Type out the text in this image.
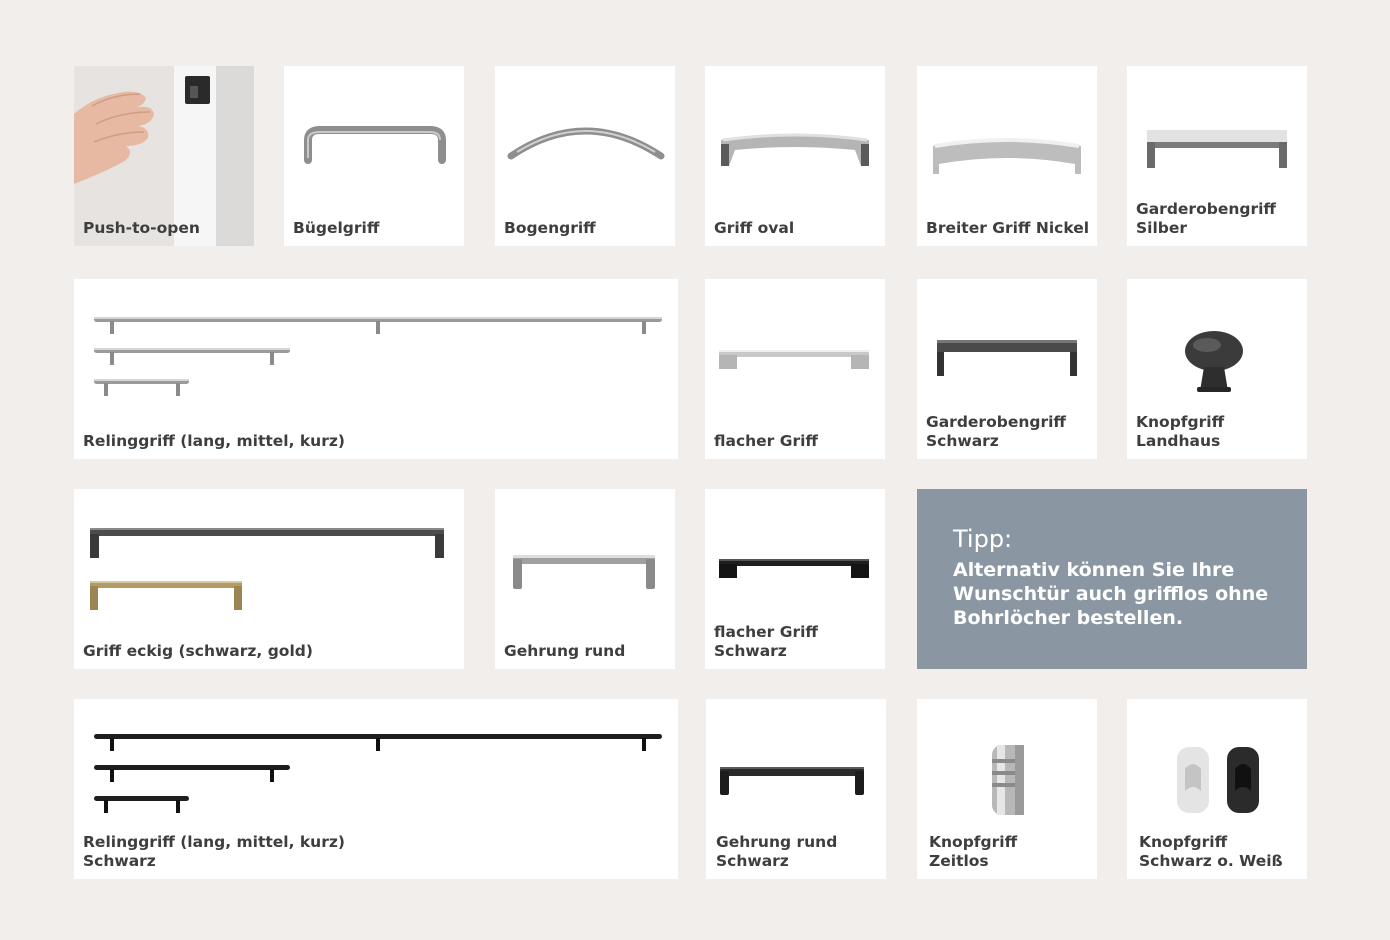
Push-to-open	Bügelgriff	Bogengriff	Griff oval	Breiter Griff Nickel
Garderobengriff
Silber
Relinggriff (lang, mittel, kurz)	flacher Griff
Garderobengriff
Schwarz
Knopfgriff
Landhaus
Griff eckig (schwarz, gold)	Gehrung rund
flacher Griff
Schwarz
Tipp:
Alternativ können Sie Ihre Wunschtür auch grifflos ohne Bohrlöcher bestellen.
Relinggriff (lang, mittel, kurz)
Schwarz
Gehrung rund
Schwarz
Knopfgriff
Zeitlos
Knopfgriff
Schwarz o. Weiß
